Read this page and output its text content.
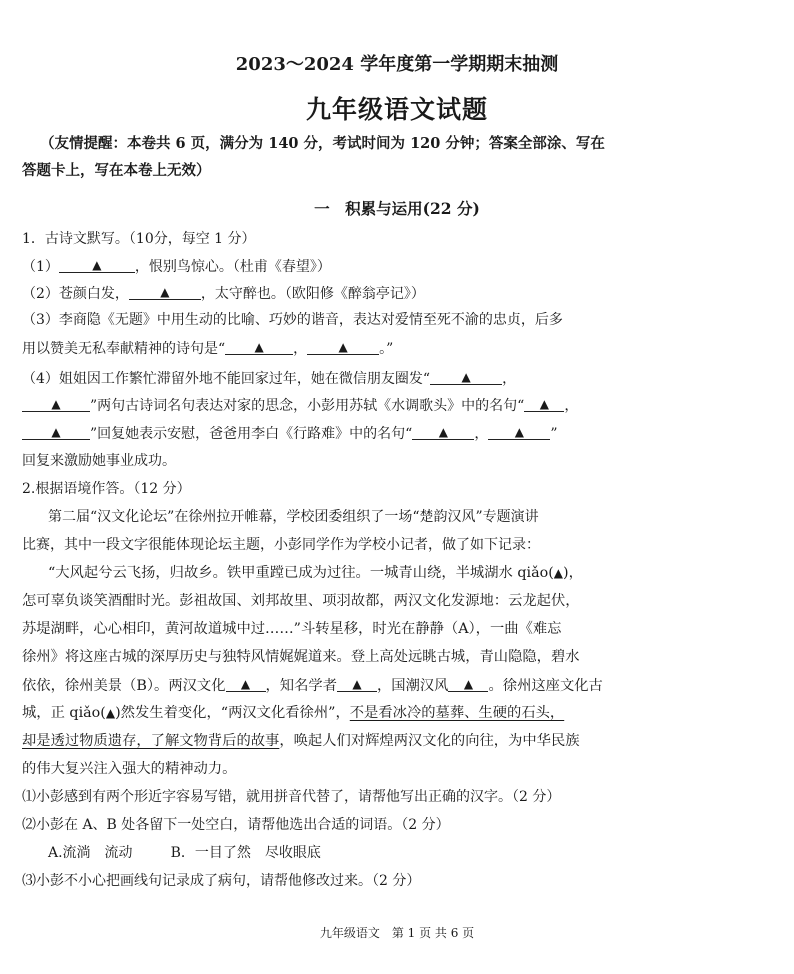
2023～2024 学年度第一学期期末抽测
九年级语文试题
（友情提醒：本卷共 6 页，满分为 140 分，考试时间为 120 分钟；答案全部涂、写在
答题卡上，写在本卷上无效）
一　积累与运用(22 分)
1．古诗文默写。（10分，每空 1 分）
（1） ▲	，恨别鸟惊心。（杜甫《春望》）
（2）苍颜白发， ▲	，太守醉也。（欧阳修《醉翁亭记》）
（3）李商隐《无题》中用生动的比喻、巧妙的谐音，表达对爱情至死不渝的忠贞，后多
用以赞美无私奉献精神的诗句是“ ▲	， ▲	。”
（4）姐姐因工作繁忙滞留外地不能回家过年，她在微信朋友圈发“ ▲	，
▲”两句古诗词名句表达对家的思念，小彭用苏轼《水调歌头》中的名句“ ▲	，
▲”回复她表示安慰，爸爸用李白《行路难》中的名句“ ▲	， ▲	”
回复来激励她事业成功。
2.根据语境作答。（12 分）
第二届“汉文化论坛”在徐州拉开帷幕，学校团委组织了一场“楚韵汉风”专题演讲
比赛，其中一段文字很能体现论坛主题，小彭同学作为学校小记者，做了如下记录：
“大风起兮云飞扬，归故乡。铁甲重蹚已成为过往。一城青山绕，半城湖水 qiǎo(▲)，
怎可辜负谈笑酒酣时光。彭祖故国、刘邦故里、项羽故都，两汉文化发源地：云龙起伏，
苏堤湖畔，心心相印，黄河故道城中过……”斗转星移，时光在静静（A），一曲《难忘
徐州》将这座古城的深厚历史与独特风情娓娓道来。登上高处远眺古城，青山隐隐，碧水
依依，徐州美景（B）。两汉文化 ▲	，知名学者 ▲	，国潮汉风 ▲	。徐州这座文化古
城，正 qiǎo(▲)然发生着变化，“两汉文化看徐州”，不是看冰冷的墓葬、生硬的石头，
却是透过物质遗存，了解文物背后的故事，唤起人们对辉煌两汉文化的向往，为中华民族
的伟大复兴注入强大的精神动力。
⑴小彭感到有两个形近字容易写错，就用拼音代替了，请帮他写出正确的汉字。（2 分）
⑵小彭在 A、B 处各留下一处空白，请帮他选出合适的词语。（2 分）
A.流淌　流动	B．一目了然　尽收眼底
⑶小彭不小心把画线句记录成了病句，请帮他修改过来。（2 分）
九年级语文　第 1 页 共 6 页
